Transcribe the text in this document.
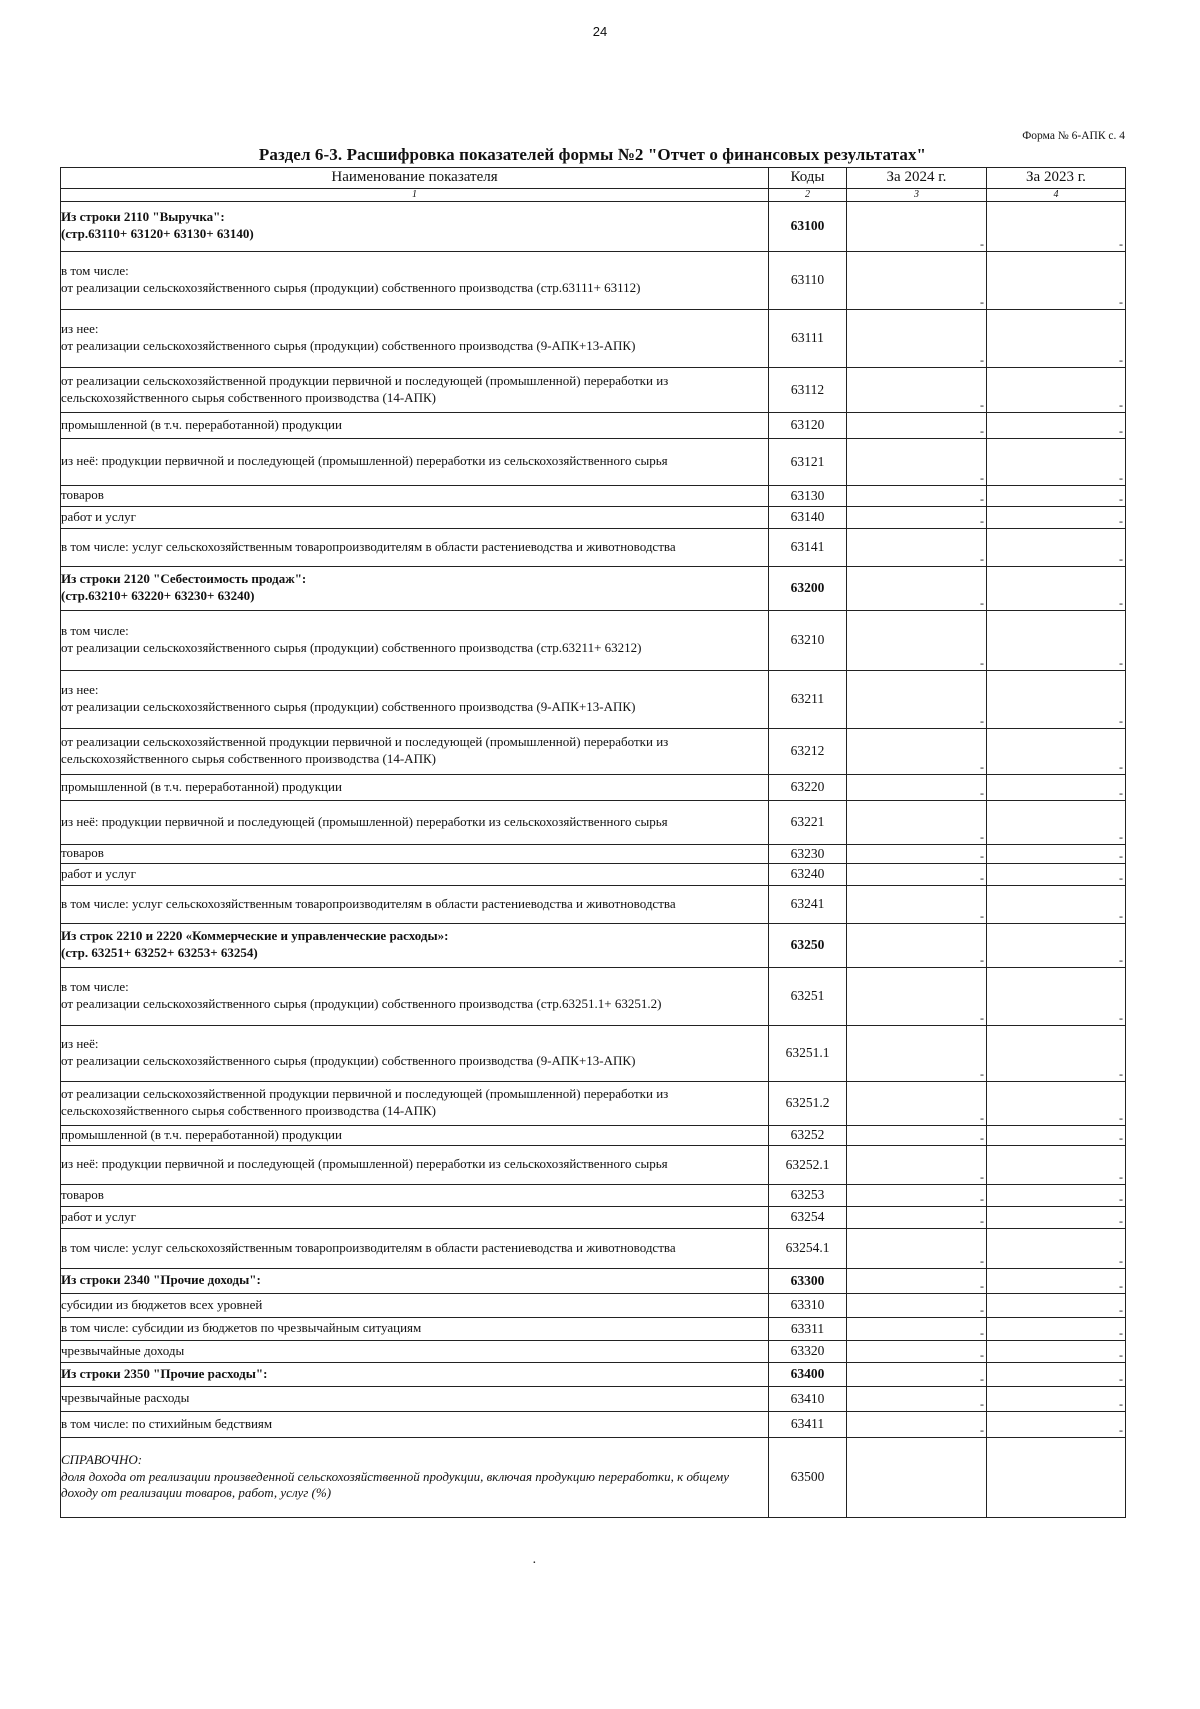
24
Форма № 6-АПК с. 4
Раздел 6-3. Расшифровка показателей формы №2 "Отчет о финансовых результатах"
Наименование показателя	Коды	За 2024 г.	За 2023 г.
1	2	3	4

Из строки 2110 "Выручка":
(стр.63110+ 63120+ 63130+ 63140)	63100	-	-

в том числе:
от реализации сельскохозяйственного сырья (продукции) собственного производства (стр.63111+ 63112)	63110	-	-

из нее:
от реализации сельскохозяйственного сырья (продукции) собственного производства (9-АПК+13-АПК)	63111	-	-

от реализации сельскохозяйственной продукции первичной и последующей (промышленной) переработки из сельскохозяйственного сырья собственного производства (14-АПК)	63112	-	-

промышленной (в т.ч. переработанной) продукции	63120	-	-

из неё: продукции первичной и последующей (промышленной) переработки из сельскохозяйственного сырья	63121	-	-

товаров	63130	-	-

работ и услуг	63140	-	-

в том числе: услуг сельскохозяйственным товаропроизводителям в области растениеводства и животноводства	63141	-	-

Из строки 2120 "Себестоимость продаж":
(стр.63210+ 63220+ 63230+ 63240)	63200	-	-

в том числе:
от реализации сельскохозяйственного сырья (продукции) собственного производства (стр.63211+ 63212)	63210	-	-

из нее:
от реализации сельскохозяйственного сырья (продукции) собственного производства (9-АПК+13-АПК)	63211	-	-

от реализации сельскохозяйственной продукции первичной и последующей (промышленной) переработки из сельскохозяйственного сырья собственного производства (14-АПК)	63212	-	-

промышленной (в т.ч. переработанной) продукции	63220	-	-

из неё: продукции первичной и последующей (промышленной) переработки из сельскохозяйственного сырья	63221	-	-

товаров	63230	-	-

работ и услуг	63240	-	-

в том числе: услуг сельскохозяйственным товаропроизводителям в области растениеводства и животноводства	63241	-	-

Из строк 2210 и 2220 «Коммерческие и управленческие расходы»:
(стр. 63251+ 63252+ 63253+ 63254)	63250	-	-

в том числе:
от реализации сельскохозяйственного сырья (продукции) собственного производства (стр.63251.1+ 63251.2)	63251	-	-

из неё:
от реализации сельскохозяйственного сырья (продукции) собственного производства (9-АПК+13-АПК)	63251.1	-	-

от реализации сельскохозяйственной продукции первичной и последующей (промышленной) переработки из сельскохозяйственного сырья собственного производства (14-АПК)	63251.2	-	-

промышленной (в т.ч. переработанной) продукции	63252	-	-

из неё: продукции первичной и последующей (промышленной) переработки из сельскохозяйственного сырья	63252.1	-	-

товаров	63253	-	-

работ и услуг	63254	-	-

в том числе: услуг сельскохозяйственным товаропроизводителям в области растениеводства и животноводства	63254.1	-	-

Из строки 2340 "Прочие доходы":	63300	-	-

субсидии из бюджетов всех уровней	63310	-	-

в том числе: субсидии из бюджетов по чрезвычайным ситуациям	63311	-	-

чрезвычайные доходы	63320	-	-

Из строки 2350 "Прочие расходы":	63400	-	-

чрезвычайные расходы	63410	-	-

в том числе: по стихийным бедствиям	63411	-	-

СПРАВОЧНО:
доля дохода от реализации произведенной сельскохозяйственной продукции, включая продукцию переработки, к общему доходу от реализации товаров, работ, услуг (%)	63500	

·
